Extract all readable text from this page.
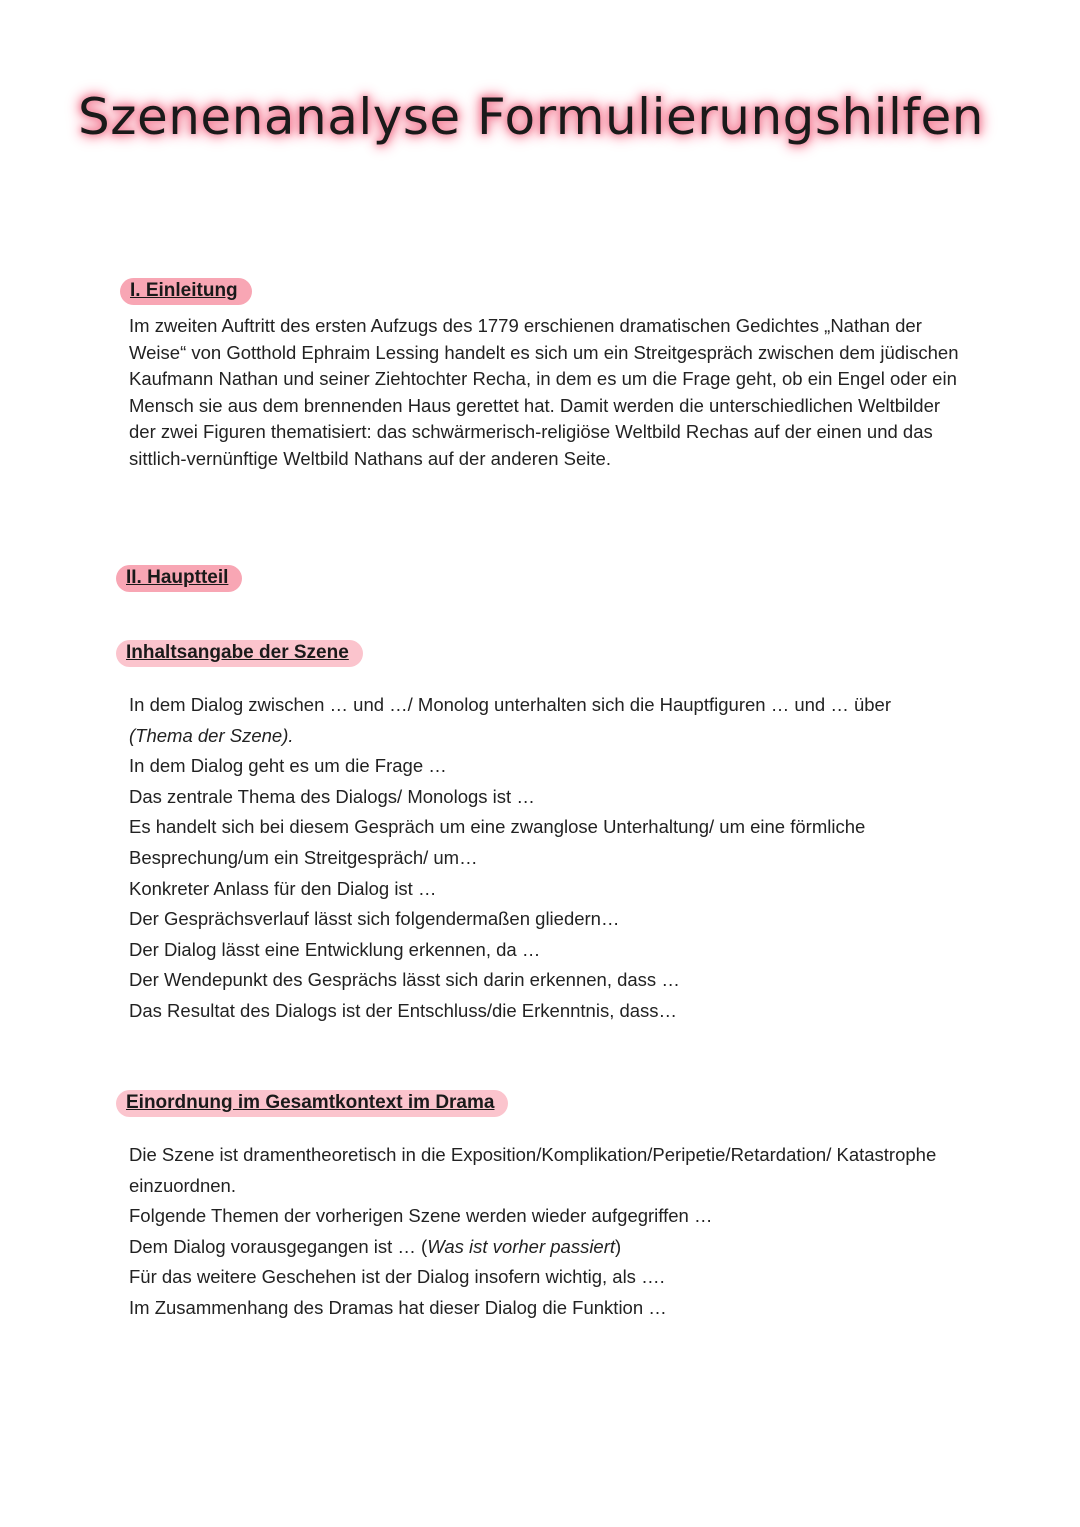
Szenenanalyse Formulierungshilfen
I. Einleitung

Im zweiten Auftritt des ersten Aufzugs des 1779 erschienen dramatischen Gedichtes „Nathan der Weise“ von Gotthold Ephraim Lessing handelt es sich um ein Streitgespräch zwischen dem jüdischen Kaufmann Nathan und seiner Ziehtochter Recha, in dem es um die Frage geht, ob ein Engel oder ein Mensch sie aus dem brennenden Haus gerettet hat. Damit werden die unterschiedlichen Weltbilder der zwei Figuren thematisiert: das schwärmerisch-religiöse Weltbild Rechas auf der einen und das sittlich-vernünftige Weltbild Nathans auf der anderen Seite.

II. Hauptteil
Inhaltsangabe der Szene
In dem Dialog zwischen … und …/ Monolog unterhalten sich die Hauptfiguren … und … über (Thema der Szene).
In dem Dialog geht es um die Frage …
Das zentrale Thema des Dialogs/ Monologs ist …
Es handelt sich bei diesem Gespräch um eine zwanglose Unterhaltung/ um eine förmliche Besprechung/um ein Streitgespräch/ um…
Konkreter Anlass für den Dialog ist …
Der Gesprächsverlauf lässt sich folgendermaßen gliedern…
Der Dialog lässt eine Entwicklung erkennen, da …
Der Wendepunkt des Gesprächs lässt sich darin erkennen, dass …
Das Resultat des Dialogs ist der Entschluss/die Erkenntnis, dass…
Einordnung im Gesamtkontext im Drama
Die Szene ist dramentheoretisch in die Exposition/Komplikation/Peripetie/Retardation/ Katastrophe einzuordnen.
Folgende Themen der vorherigen Szene werden wieder aufgegriffen …
Dem Dialog vorausgegangen ist … (Was ist vorher passiert)
Für das weitere Geschehen ist der Dialog insofern wichtig, als ….
Im Zusammenhang des Dramas hat dieser Dialog die Funktion …
